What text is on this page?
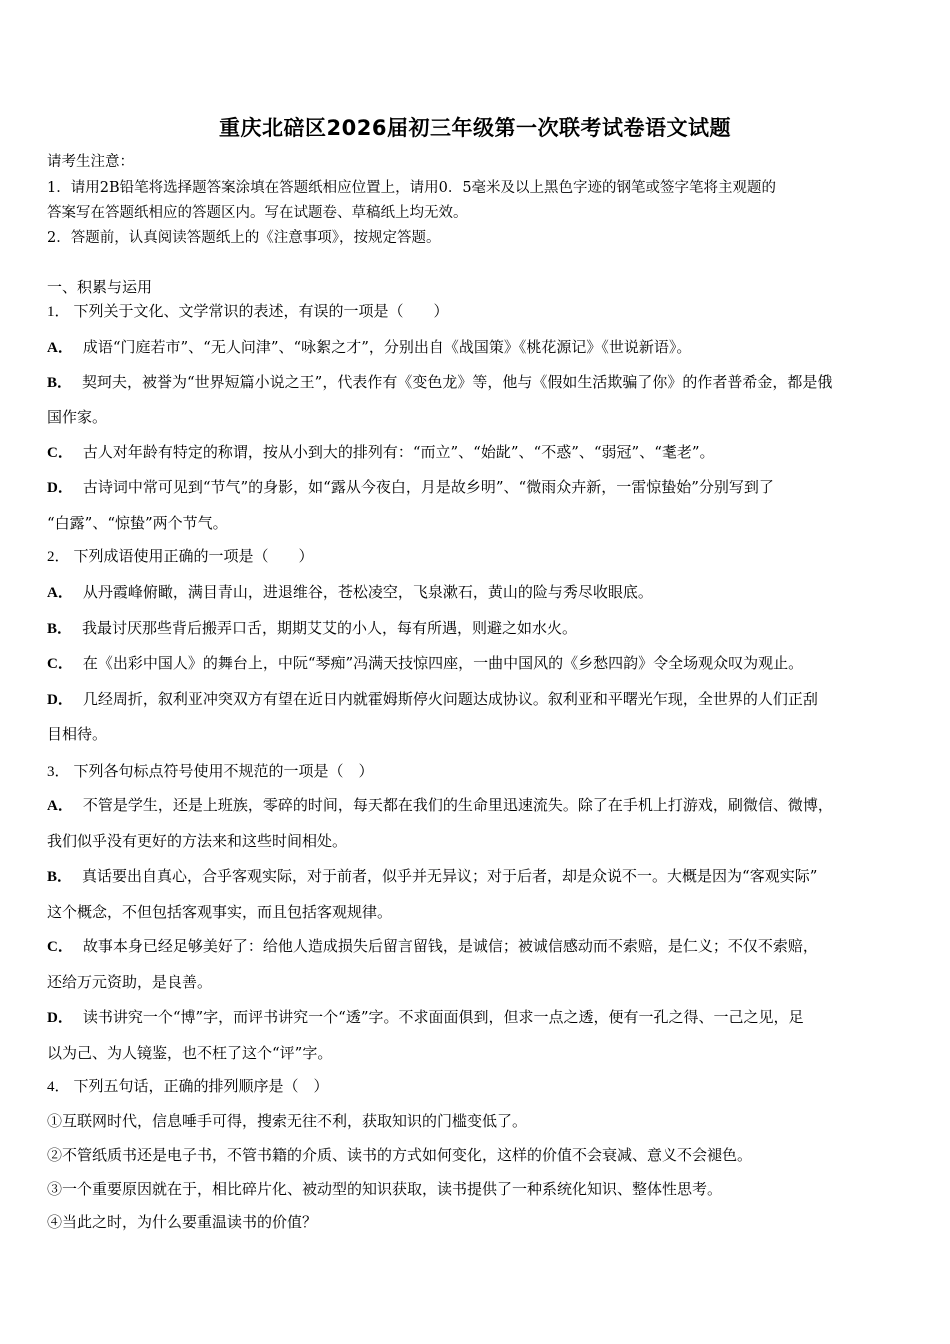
重庆北碚区2026届初三年级第一次联考试卷语文试题
请考生注意：
1．请用2B铅笔将选择题答案涂填在答题纸相应位置上，请用0．5毫米及以上黑色字迹的钢笔或签字笔将主观题的
答案写在答题纸相应的答题区内。写在试题卷、草稿纸上均无效。
2．答题前，认真阅读答题纸上的《注意事项》，按规定答题。
一、积累与运用
1． 下列关于文化、文学常识的表述，有误的一项是（　　）
A． 成语“门庭若市”、“无人问津”、“咏絮之才”，分别出自《战国策》《桃花源记》《世说新语》。
B． 契珂夫，被誉为“世界短篇小说之王”，代表作有《变色龙》等，他与《假如生活欺骗了你》的作者普希金，都是俄
国作家。
C． 古人对年龄有特定的称谓，按从小到大的排列有：“而立”、“始龀”、“不惑”、“弱冠”、“耄老”。
D． 古诗词中常可见到“节气”的身影，如“露从今夜白，月是故乡明”、“微雨众卉新，一雷惊蛰始”分别写到了
“白露”、“惊蛰”两个节气。
2． 下列成语使用正确的一项是（　　）
A． 从丹霞峰俯瞰，满目青山，进退维谷，苍松凌空，飞泉漱石，黄山的险与秀尽收眼底。
B． 我最讨厌那些背后搬弄口舌，期期艾艾的小人，每有所遇，则避之如水火。
C． 在《出彩中国人》的舞台上，中阮“琴痴”冯满天技惊四座，一曲中国风的《乡愁四韵》令全场观众叹为观止。
D． 几经周折，叙利亚冲突双方有望在近日内就霍姆斯停火问题达成协议。叙利亚和平曙光乍现，全世界的人们正刮
目相待。
3． 下列各句标点符号使用不规范的一项是（　）
A． 不管是学生，还是上班族，零碎的时间，每天都在我们的生命里迅速流失。除了在手机上打游戏，刷微信、微博，
我们似乎没有更好的方法来和这些时间相处。
B． 真话要出自真心，合乎客观实际，对于前者，似乎并无异议；对于后者，却是众说不一。大概是因为“客观实际”
这个概念，不但包括客观事实，而且包括客观规律。
C． 故事本身已经足够美好了：给他人造成损失后留言留钱，是诚信；被诚信感动而不索赔，是仁义；不仅不索赔，
还给万元资助，是良善。
D． 读书讲究一个“博”字，而评书讲究一个“透”字。不求面面俱到，但求一点之透，便有一孔之得、一己之见，足
以为己、为人镜鉴，也不枉了这个“评”字。
4． 下列五句话，正确的排列顺序是（　）
①互联网时代，信息唾手可得，搜索无往不利，获取知识的门槛变低了。
②不管纸质书还是电子书，不管书籍的介质、读书的方式如何变化，这样的价值不会衰减、意义不会褪色。
③一个重要原因就在于，相比碎片化、被动型的知识获取，读书提供了一种系统化知识、整体性思考。
④当此之时，为什么要重温读书的价值？
